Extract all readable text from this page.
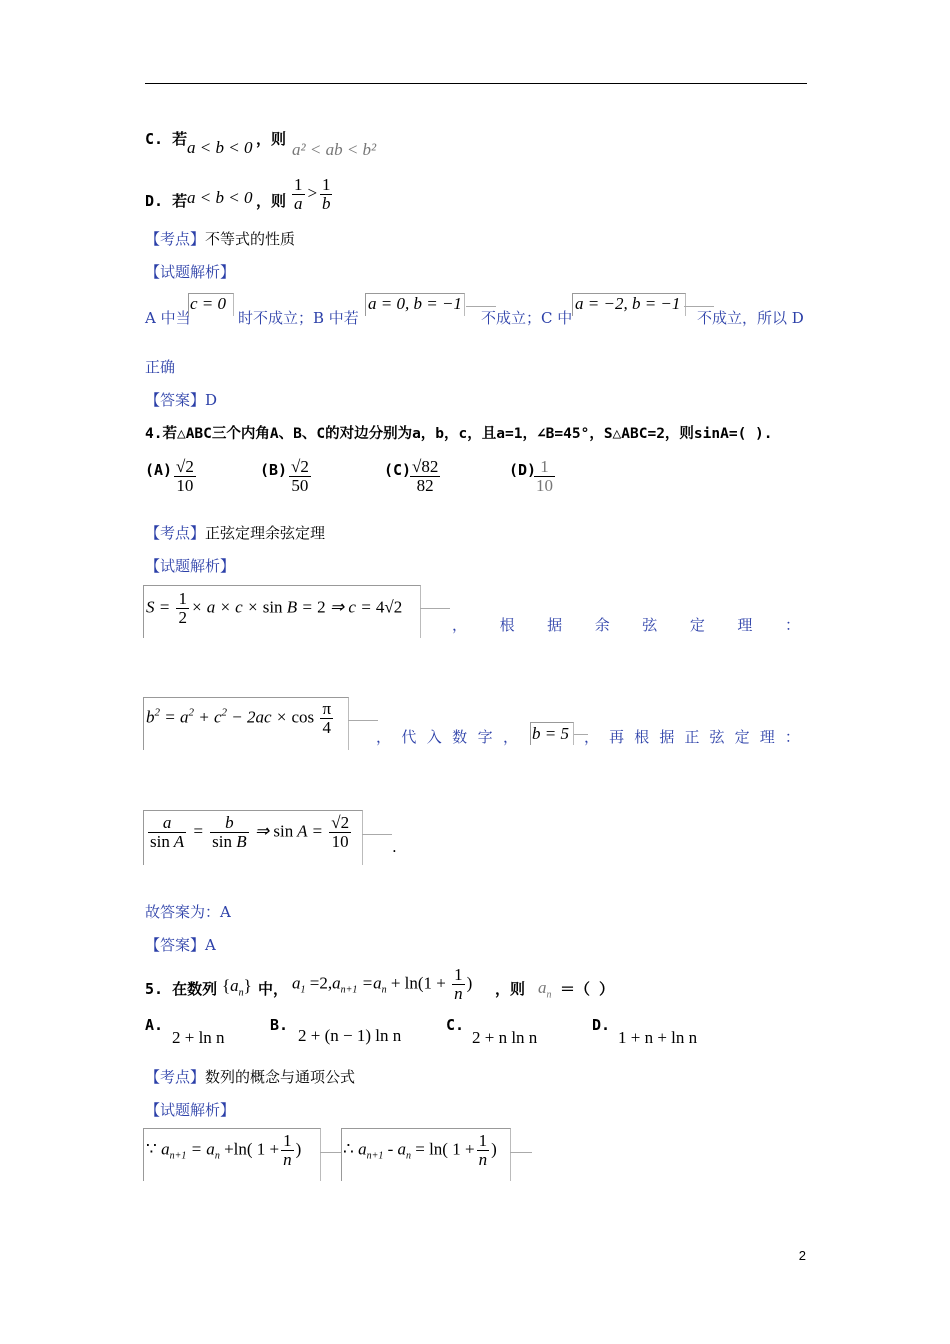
C. 若 a < b < 0 ，则
a² < ab < b²
D. 若 a < b < 0 ，则 $\frac{1}{a} > \frac{1}{b}$
【考点】不等式的性质
【试题解析】
A 中当
c = 0
时不成立；B 中若
a = 0, b = −1
不成立；C 中
a = −2, b = −1
不成立，所以 D
正确
【答案】D
4.若△ABC三个内角A、B、C的对边分别为a，b，c，且a=1，∠B=45°，S△ABC=2，则sinA=( ).
$(A) \frac{√2}{10}$	$(B) \frac{√2}{50}$	(C)
$\frac{√82}{82}$	(D)
$\frac{1}{10}$
【考点】正弦定理余弦定理
【试题解析】
$S = \frac{1}{2} \times a \times c \times \sin B = 2$ ⇒ c = 4√2
， 根 据 余 弦 定 理 ：
$b^2 = a^2 + c^2 - 2ac \times \cos \frac{\pi}{4}$
， 代 入 数 字 ， b = 5 ， 再 根 据 正 弦 定 理 ：
$\frac{a}{\text{sin A}} = \frac{b}{\text{sin B}}$ ⇒ $\sin A = \frac{√2}{10}$	.
故答案为：A
【答案】A
5. 在数列 $\{a_n\}$ 中， $a_1 =2,a_{n+1} =a_n + \ln(1 + \frac{1}{n}$ ) ，则 $a_n$ ＝（ ）
A.
2 + ln n
B.
2 + (n − 1) ln n
C.
2 + n ln n
D.
1 + n + ln n
【考点】数列的概念与通项公式
【试题解析】
∵ $a_{n+1} = a_n +\ln$( $1 + \frac{1}{n}$ ) ∴ $a_{n+1} - a_n = \ln$( $1 + \frac{1}{n}$ )
2
